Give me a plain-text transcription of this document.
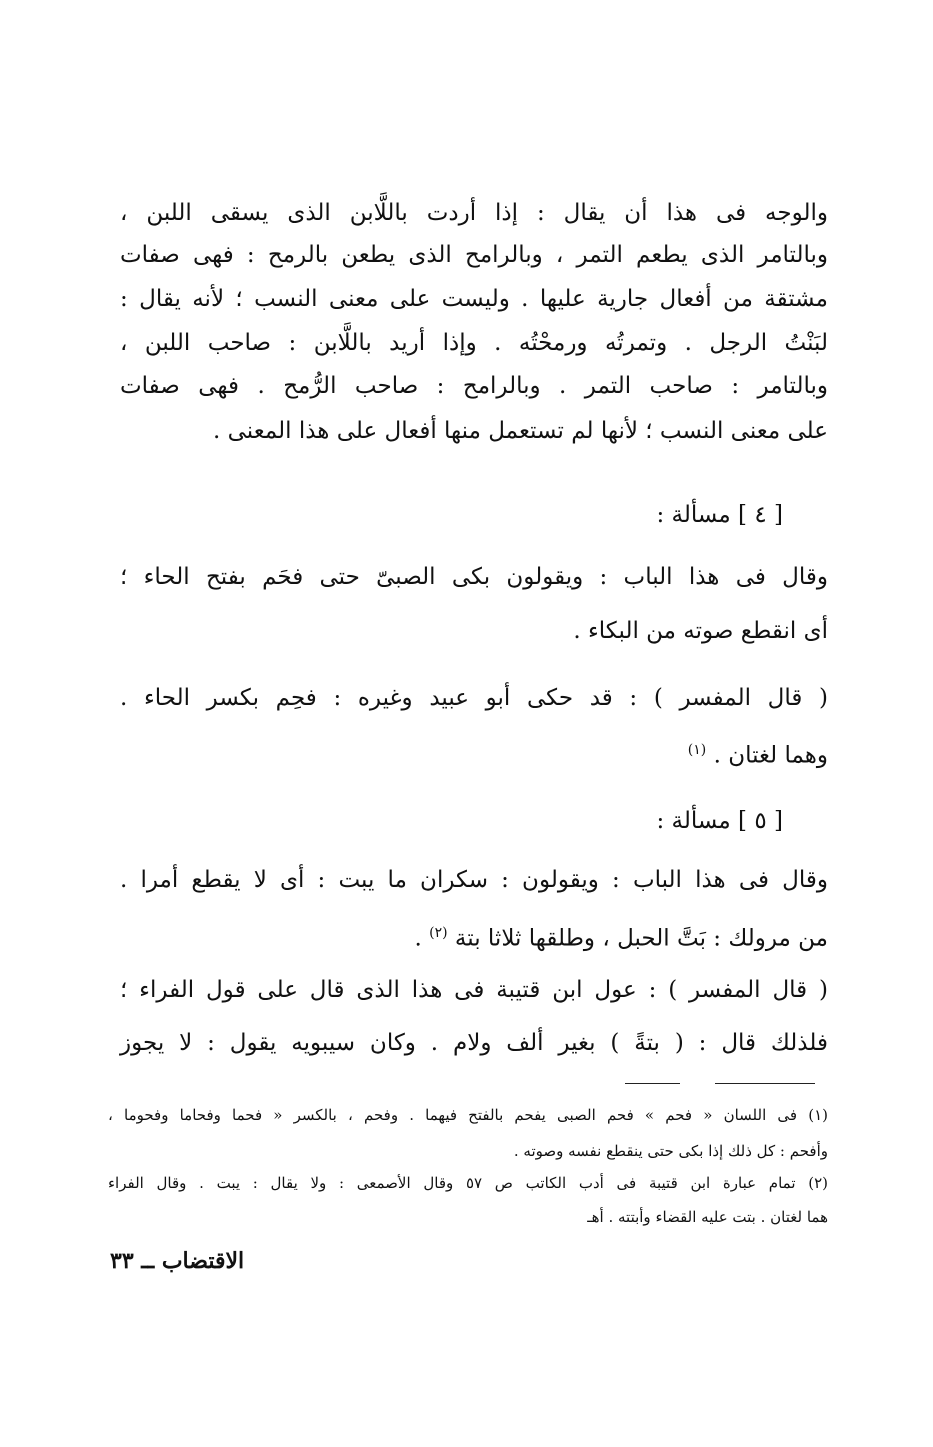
والوجه فى هذا أن يقال : إذا أردت باللَّابن الذى يسقى اللبن ،
وبالتامر الذى يطعم التمر ، وبالرامح الذى يطعن بالرمح : فهى صفات
مشتقة من أفعال جارية عليها . وليست على معنى النسب ؛ لأنه يقال :
لبَنْتُ الرجل . وتمرتُه ورمحْتُه . وإذا أريد باللَّابن : صاحب اللبن ،
وبالتامر : صاحب التمر . وبالرامح : صاحب الرُّمح . فهى صفات
على معنى النسب ؛ لأنها لم تستعمل منها أفعال على هذا المعنى .
[ ٤ ] مسألة :
وقال فى هذا الباب : ويقولون بكى الصبىّ حتى فحَم بفتح الحاء ؛
أى انقطع صوته من البكاء .
( قال المفسر ) : قد حكى أبو عبيد وغيره : فحِم بكسر الحاء .
وهما لغتان . $^{(١)}$
[ ٥ ] مسألة :
وقال فى هذا الباب : ويقولون : سكران ما يبت : أى لا يقطع أمرا .
من مرولك : بَتَّ الحبل ، وطلقها ثلاثا بتة $^{(٢)}$ .
( قال المفسر ) : عول ابن قتيبة فى هذا الذى قال على قول الفراء ؛
فلذلك قال : ( بتةً ) بغير ألف ولام . وكان سيبويه يقول : لا يجوز
(١) فى اللسان « فحم » فحم الصبى يفحم بالفتح فيهما . وفحم ، بالكسر « فحما وفحاما وفحوما ،
وأفحم : كل ذلك إذا بكى حتى ينقطع نفسه وصوته .
(٢) تمام عبارة ابن قتيبة فى أدب الكاتب ص ٥٧ وقال الأصمعى : ولا يقال : يبت . وقال الفراء
هما لغتان . بتت عليه القضاء وأبتته . أهـ
الاقتضاب ــ ٣٣
